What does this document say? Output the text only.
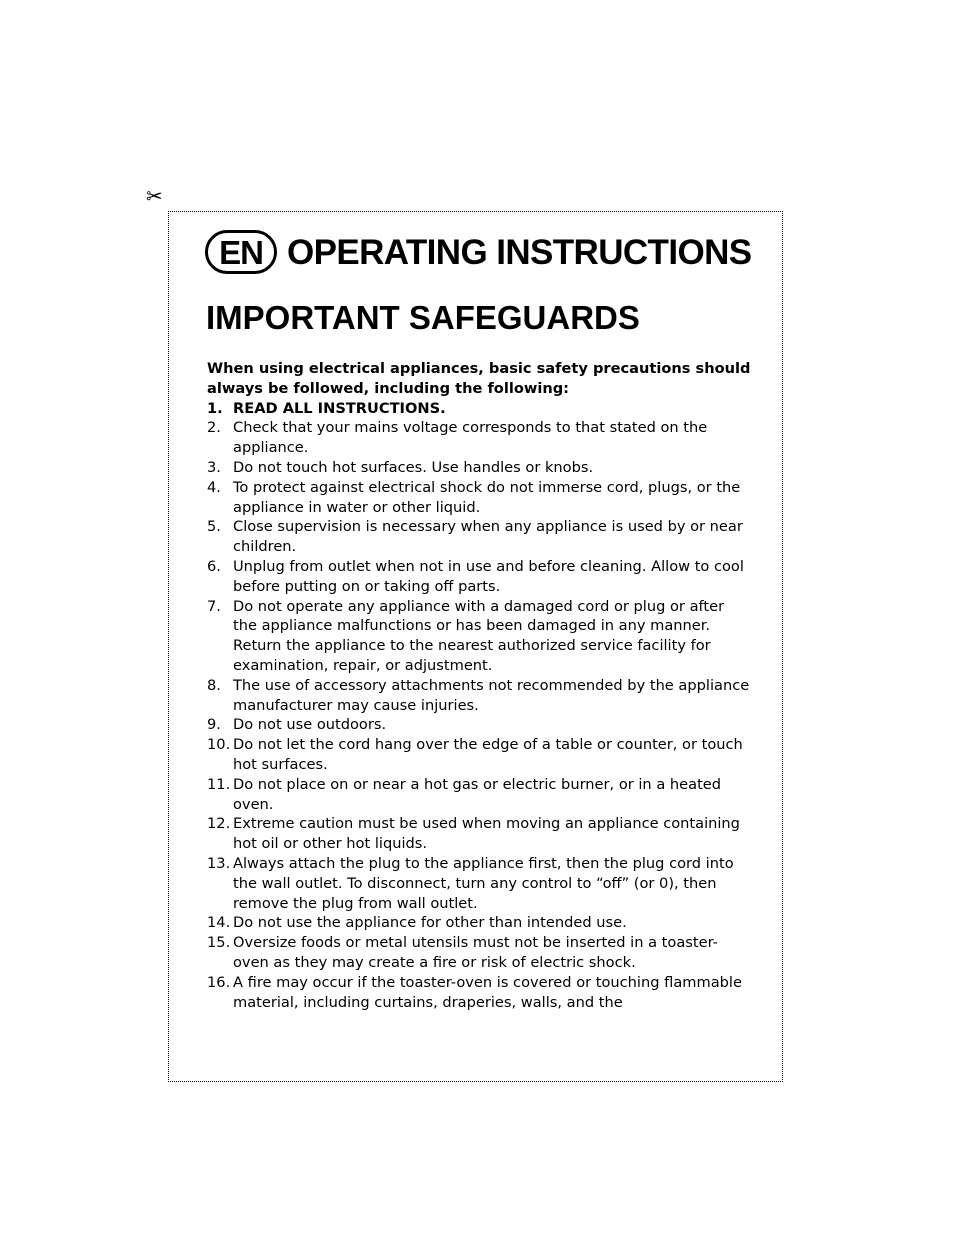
✂
EN OPERATING INSTRUCTIONS
IMPORTANT SAFEGUARDS

When using electrical appliances, basic safety precautions should always be followed, including the following:

1. READ ALL INSTRUCTIONS.
2. Check that your mains voltage corresponds to that stated on the appliance.
3. Do not touch hot surfaces. Use handles or knobs.
4. To protect against electrical shock do not immerse cord, plugs, or the appliance in water or other liquid.
5. Close supervision is necessary when any appliance is used by or near children.
6. Unplug from outlet when not in use and before cleaning. Allow to cool before putting on or taking off parts.
7. Do not operate any appliance with a damaged cord or plug or after the appliance malfunctions or has been damaged in any manner. Return the appliance to the nearest authorized service facility for examination, repair, or adjustment.
8. The use of accessory attachments not recommended by the appliance manufacturer may cause injuries.
9. Do not use outdoors.
10. Do not let the cord hang over the edge of a table or counter, or touch hot surfaces.
11. Do not place on or near a hot gas or electric burner, or in a heated oven.
12. Extreme caution must be used when moving an appliance containing hot oil or other hot liquids.
13. Always attach the plug to the appliance first, then the plug cord into the wall outlet. To disconnect, turn any control to “off” (or 0), then remove the plug from wall outlet.
14. Do not use the appliance for other than intended use.
15. Oversize foods or metal utensils must not be inserted in a toaster-oven as they may create a fire or risk of electric shock.
16. A fire may occur if the toaster-oven is covered or touching flammable material, including curtains, draperies, walls, and the
